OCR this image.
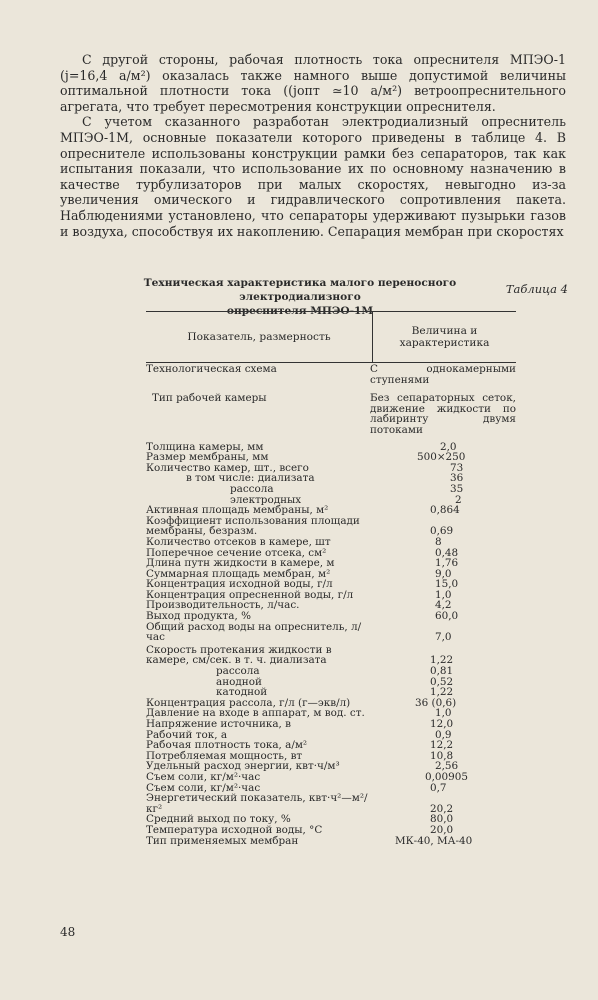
С другой стороны, рабочая плотность тока опреснителя МПЭО-1 (j=16,4 а/м²) оказалась также намного выше допустимой величины оптимальной плотности тока ((jопт ≃10 а/м²) ветроопреснительного агрегата, что требует пересмотрения конструкции опреснителя.

С учетом сказанного разработан электродиализный опреснитель МПЭО-1М, основные показатели которого приведены в таблице 4. В опреснителе использованы конструкции рамки без сепараторов, так как испытания показали, что использование их по основному назначению в качестве турбулизаторов при малых скоростях, невыгодно из-за увеличения омического и гидравлического сопротивления пакета. Наблюдениями установлено, что сепараторы удерживают пузырьки газов и воздуха, способствуя их накоплению. Сепарация мембран при скоростях

Таблица 4
Техническая характеристика малого переносного электродиализного
опреснителя МПЭО-1М
Показатель, размерность	Величина и характеристика
Технологическая схема	С однокамерными ступенями
Тип рабочей камеры	Без сепараторных сеток, движение жидкости по лабиринту двумя потоками
Толщина камеры, мм	2,0
Размер мембраны, мм	500×250
Количество камер, шт., всего	73
в том числе: диализата	36
рассола	35
электродных	2
Активная площадь мембраны, м²	0,864
Коэффициент использования площади мембраны, безразм.	0,69
Количество отсеков в камере, шт	8
Поперечное сечение отсека, см²	0,48
Длина путн жидкости в камере, м	1,76
Суммарная площадь мембран, м²	9,0
Концентрация исходной воды, г/л	15,0
Концентрация опресненной воды, г/л	1,0
Производительность, л/час.	4,2
Выход продукта, %	60,0
Общий расход воды на опреснитель, л/час	7,0
Скорость протекания жидкости в камере, см/сек. в т. ч. диализата	1,22
рассола	0,81
анодной	0,52
катодной	1,22
Концентрация рассола, г/л (г—экв/л)	36 (0,6)
Давление на входе в аппарат, м вод. ст.	1,0
Напряжение источника, в	12,0
Рабочий ток, а	0,9
Рабочая плотность тока, а/м²	12,2
Потребляемая мощность, вт	10,8
Удельный расход энергии, квт·ч/м³	2,56
Съем соли, кг/м²·час	0,00905
Съем соли, кг/м²·час	0,7
Энергетический показатель, квт·ч²—м²/кг²	20,2
Средний выход по току, %	80,0
Температура исходной воды, °С	20,0
Тип применяемых мембран	МК-40, МА-40
48
